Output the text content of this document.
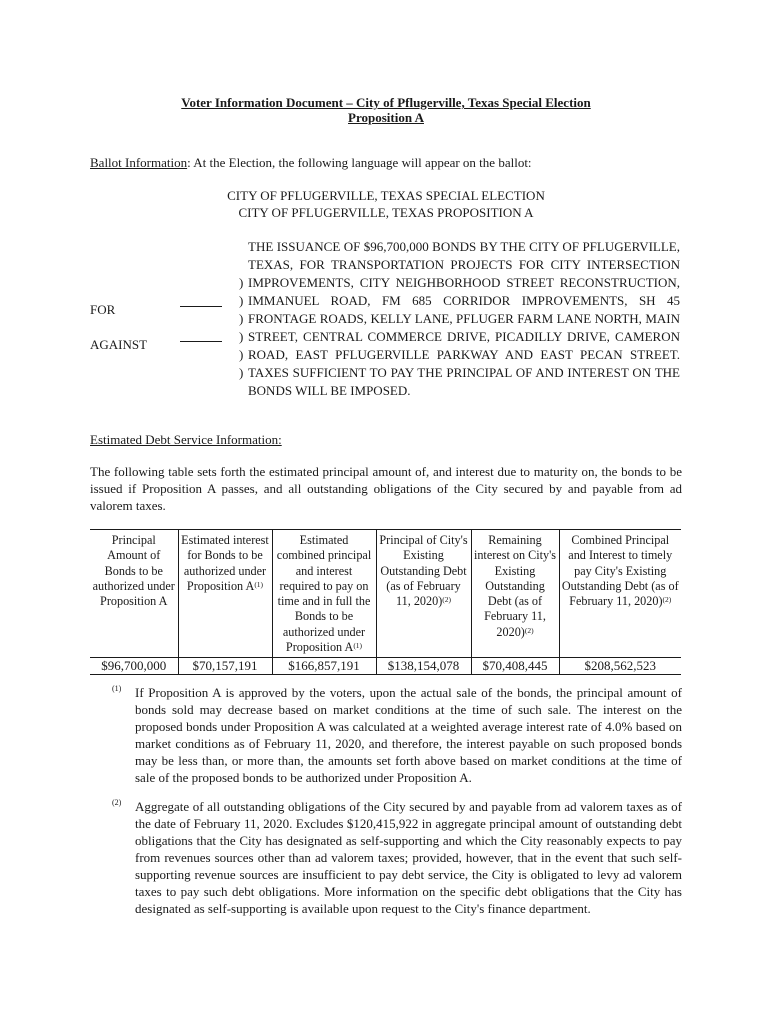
Voter Information Document – City of Pflugerville, Texas Special Election
Proposition A
Ballot Information: At the Election, the following language will appear on the ballot:
CITY OF PFLUGERVILLE, TEXAS SPECIAL ELECTION
CITY OF PFLUGERVILLE, TEXAS PROPOSITION A
)
)
)
)
)
)
THE ISSUANCE OF $96,700,000 BONDS BY THE CITY OF PFLUGERVILLE, TEXAS, FOR TRANSPORTATION PROJECTS FOR CITY INTERSECTION IMPROVEMENTS, CITY NEIGHBORHOOD STREET RECONSTRUCTION, IMMANUEL ROAD, FM 685 CORRIDOR IMPROVEMENTS, SH 45 FRONTAGE ROADS, KELLY LANE, PFLUGER FARM LANE NORTH, MAIN STREET, CENTRAL COMMERCE DRIVE, PICADILLY DRIVE, CAMERON ROAD, EAST PFLUGERVILLE PARKWAY AND EAST PECAN STREET. TAXES SUFFICIENT TO PAY THE PRINCIPAL OF AND INTEREST ON THE BONDS WILL BE IMPOSED.
FOR
AGAINST
Estimated Debt Service Information:
The following table sets forth the estimated principal amount of, and interest due to maturity on, the bonds to be issued if Proposition A passes, and all outstanding obligations of the City secured by and payable from ad valorem taxes.
Principal Amount of Bonds to be authorized under Proposition A	Estimated interest for Bonds to be authorized under Proposition $A^{(1)}$	Estimated combined principal and interest required to pay on time and in full the Bonds to be authorized under Proposition $A^{(1)}$	Principal of City's Existing Outstanding Debt (as of February 11, 2020)$^{(2)}$	Remaining interest on City's Existing Outstanding Debt (as of February 11, 2020)$^{(2)}$	Combined Principal and Interest to timely pay City's Existing Outstanding Debt (as of February 11, 2020)$^{(2)}$
$96,700,000	$70,157,191	$166,857,191	$138,154,078	$70,408,445	$208,562,523
(1) If Proposition A is approved by the voters, upon the actual sale of the bonds, the principal amount of bonds sold may decrease based on market conditions at the time of such sale. The interest on the proposed bonds under Proposition A was calculated at a weighted average interest rate of 4.0% based on market conditions as of February 11, 2020, and therefore, the interest payable on such proposed bonds may be less than, or more than, the amounts set forth above based on market conditions at the time of sale of the proposed bonds to be authorized under Proposition A.
(2) Aggregate of all outstanding obligations of the City secured by and payable from ad valorem taxes as of the date of February 11, 2020. Excludes $120,415,922 in aggregate principal amount of outstanding debt obligations that the City has designated as self-supporting and which the City reasonably expects to pay from revenues sources other than ad valorem taxes; provided, however, that in the event that such self-supporting revenue sources are insufficient to pay debt service, the City is obligated to levy ad valorem taxes to pay such debt obligations. More information on the specific debt obligations that the City has designated as self-supporting is available upon request to the City's finance department.
